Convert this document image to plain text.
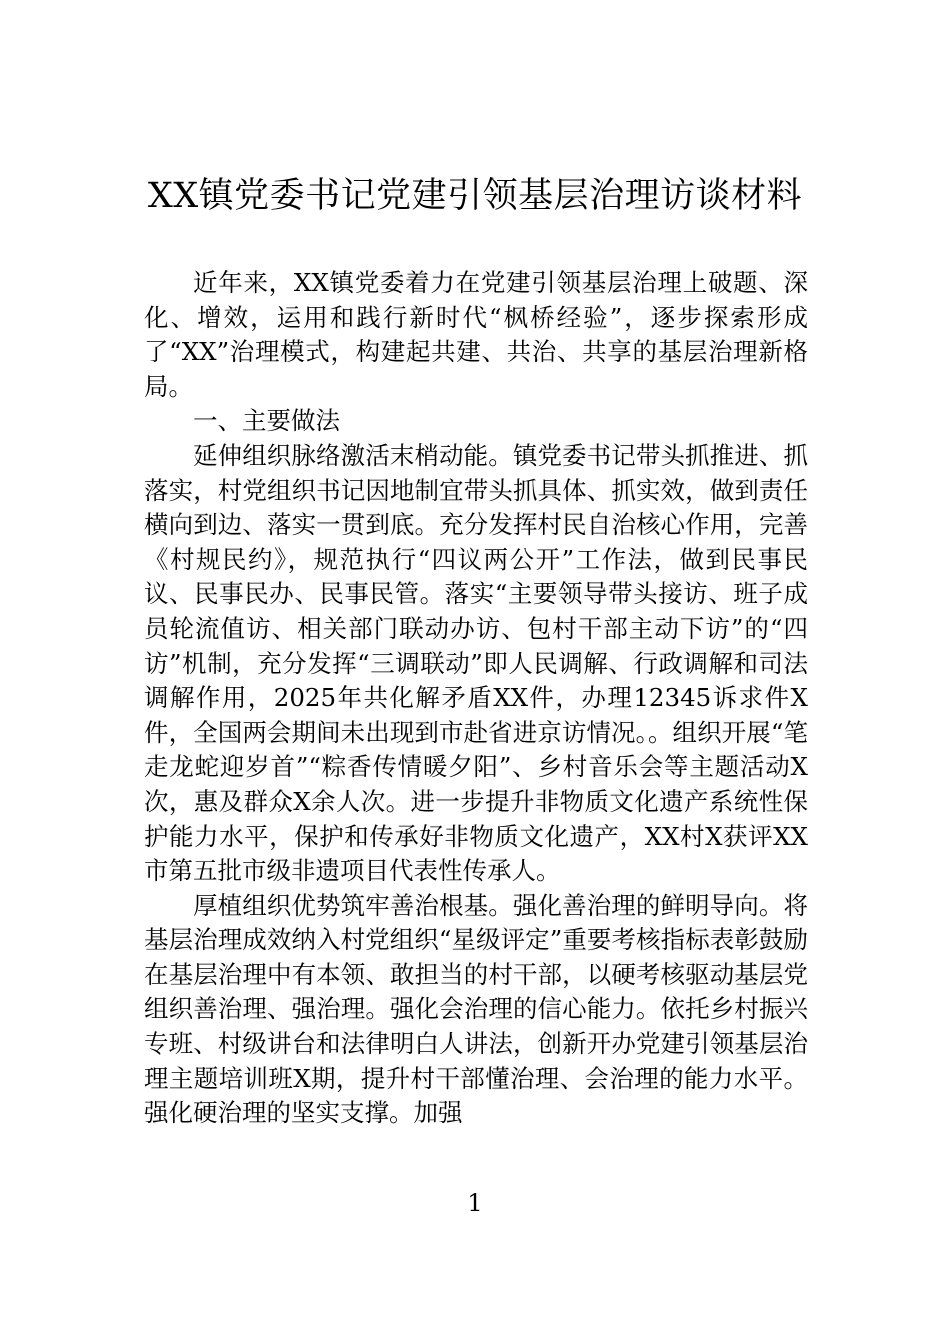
XX镇党委书记党建引领基层治理访谈材料

近年来，XX镇党委着力在党建引领基层治理上破题、深化、增效，运用和践行新时代“枫桥经验”，逐步探索形成了“XX”治理模式，构建起共建、共治、共享的基层治理新格局。

一、主要做法

延伸组织脉络激活末梢动能。镇党委书记带头抓推进、抓落实，村党组织书记因地制宜带头抓具体、抓实效，做到责任横向到边、落实一贯到底。充分发挥村民自治核心作用，完善《村规民约》，规范执行“四议两公开”工作法，做到民事民议、民事民办、民事民管。落实“主要领导带头接访、班子成员轮流值访、相关部门联动办访、包村干部主动下访”的“四访”机制，充分发挥“三调联动”即人民调解、行政调解和司法调解作用，2025年共化解矛盾XX件，办理12345诉求件X件，全国两会期间未出现到市赴省进京访情况。。组织开展“笔走龙蛇迎岁首”“粽香传情暖夕阳”、乡村音乐会等主题活动X次，惠及群众X余人次。进一步提升非物质文化遗产系统性保护能力水平，保护和传承好非物质文化遗产，XX村X获评XX市第五批市级非遗项目代表性传承人。

厚植组织优势筑牢善治根基。强化善治理的鲜明导向。将基层治理成效纳入村党组织“星级评定”重要考核指标表彰鼓励在基层治理中有本领、敢担当的村干部，以硬考核驱动基层党组织善治理、强治理。强化会治理的信心能力。依托乡村振兴专班、村级讲台和法律明白人讲法，创新开办党建引领基层治理主题培训班X期，提升村干部懂治理、会治理的能力水平。强化硬治理的坚实支撑。加强

1
